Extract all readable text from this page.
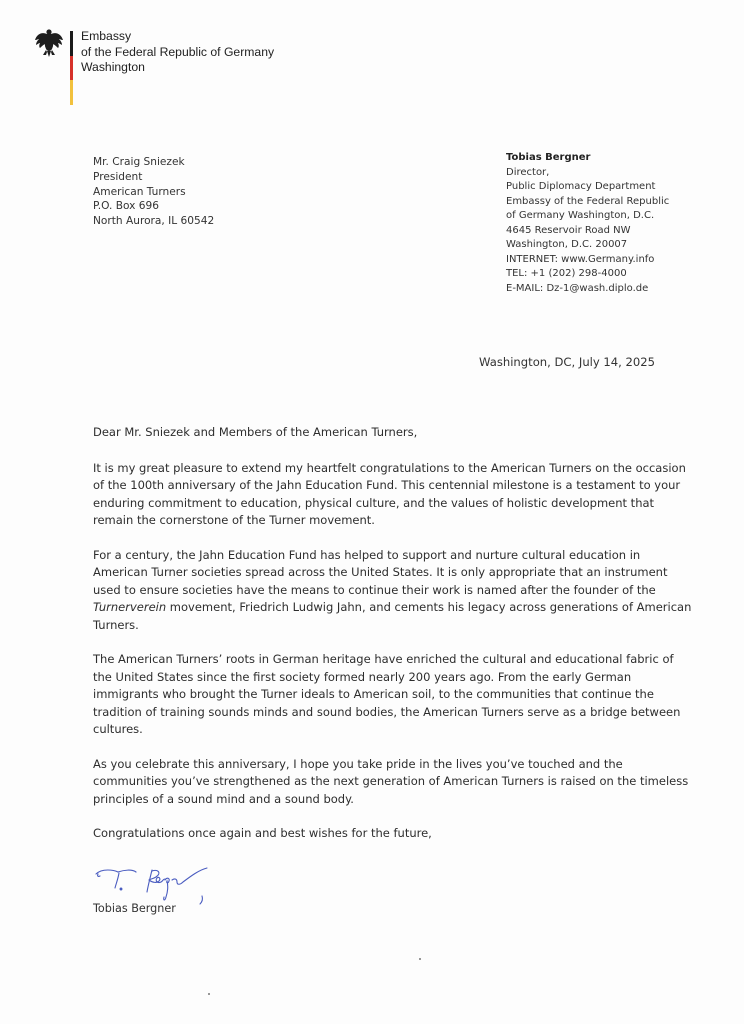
Embassy
of the Federal Republic of Germany
Washington
Mr. Craig Sniezek
President
American Turners
P.O. Box 696
North Aurora, IL 60542
Tobias Bergner
Director,
Public Diplomacy Department
Embassy of the Federal Republic
of Germany Washington, D.C.
4645 Reservoir Road NW
Washington, D.C. 20007
INTERNET: www.Germany.info
TEL: +1 (202) 298-4000
E-MAIL: Dz-1@wash.diplo.de
Washington, DC, July 14, 2025

Dear Mr. Sniezek and Members of the American Turners,

It is my great pleasure to extend my heartfelt congratulations to the American Turners on the occasion of the 100th anniversary of the Jahn Education Fund. This centennial milestone is a testament to your enduring commitment to education, physical culture, and the values of holistic development that remain the cornerstone of the Turner movement.

For a century, the Jahn Education Fund has helped to support and nurture cultural education in American Turner societies spread across the United States. It is only appropriate that an instrument used to ensure societies have the means to continue their work is named after the founder of the Turnerverein movement, Friedrich Ludwig Jahn, and cements his legacy across generations of American Turners.

The American Turners’ roots in German heritage have enriched the cultural and educational fabric of the United States since the first society formed nearly 200 years ago. From the early German immigrants who brought the Turner ideals to American soil, to the communities that continue the tradition of training sounds minds and sound bodies, the American Turners serve as a bridge between cultures.

As you celebrate this anniversary, I hope you take pride in the lives you’ve touched and the communities you’ve strengthened as the next generation of American Turners is raised on the timeless principles of a sound mind and a sound body.

Congratulations once again and best wishes for the future,

Tobias Bergner
